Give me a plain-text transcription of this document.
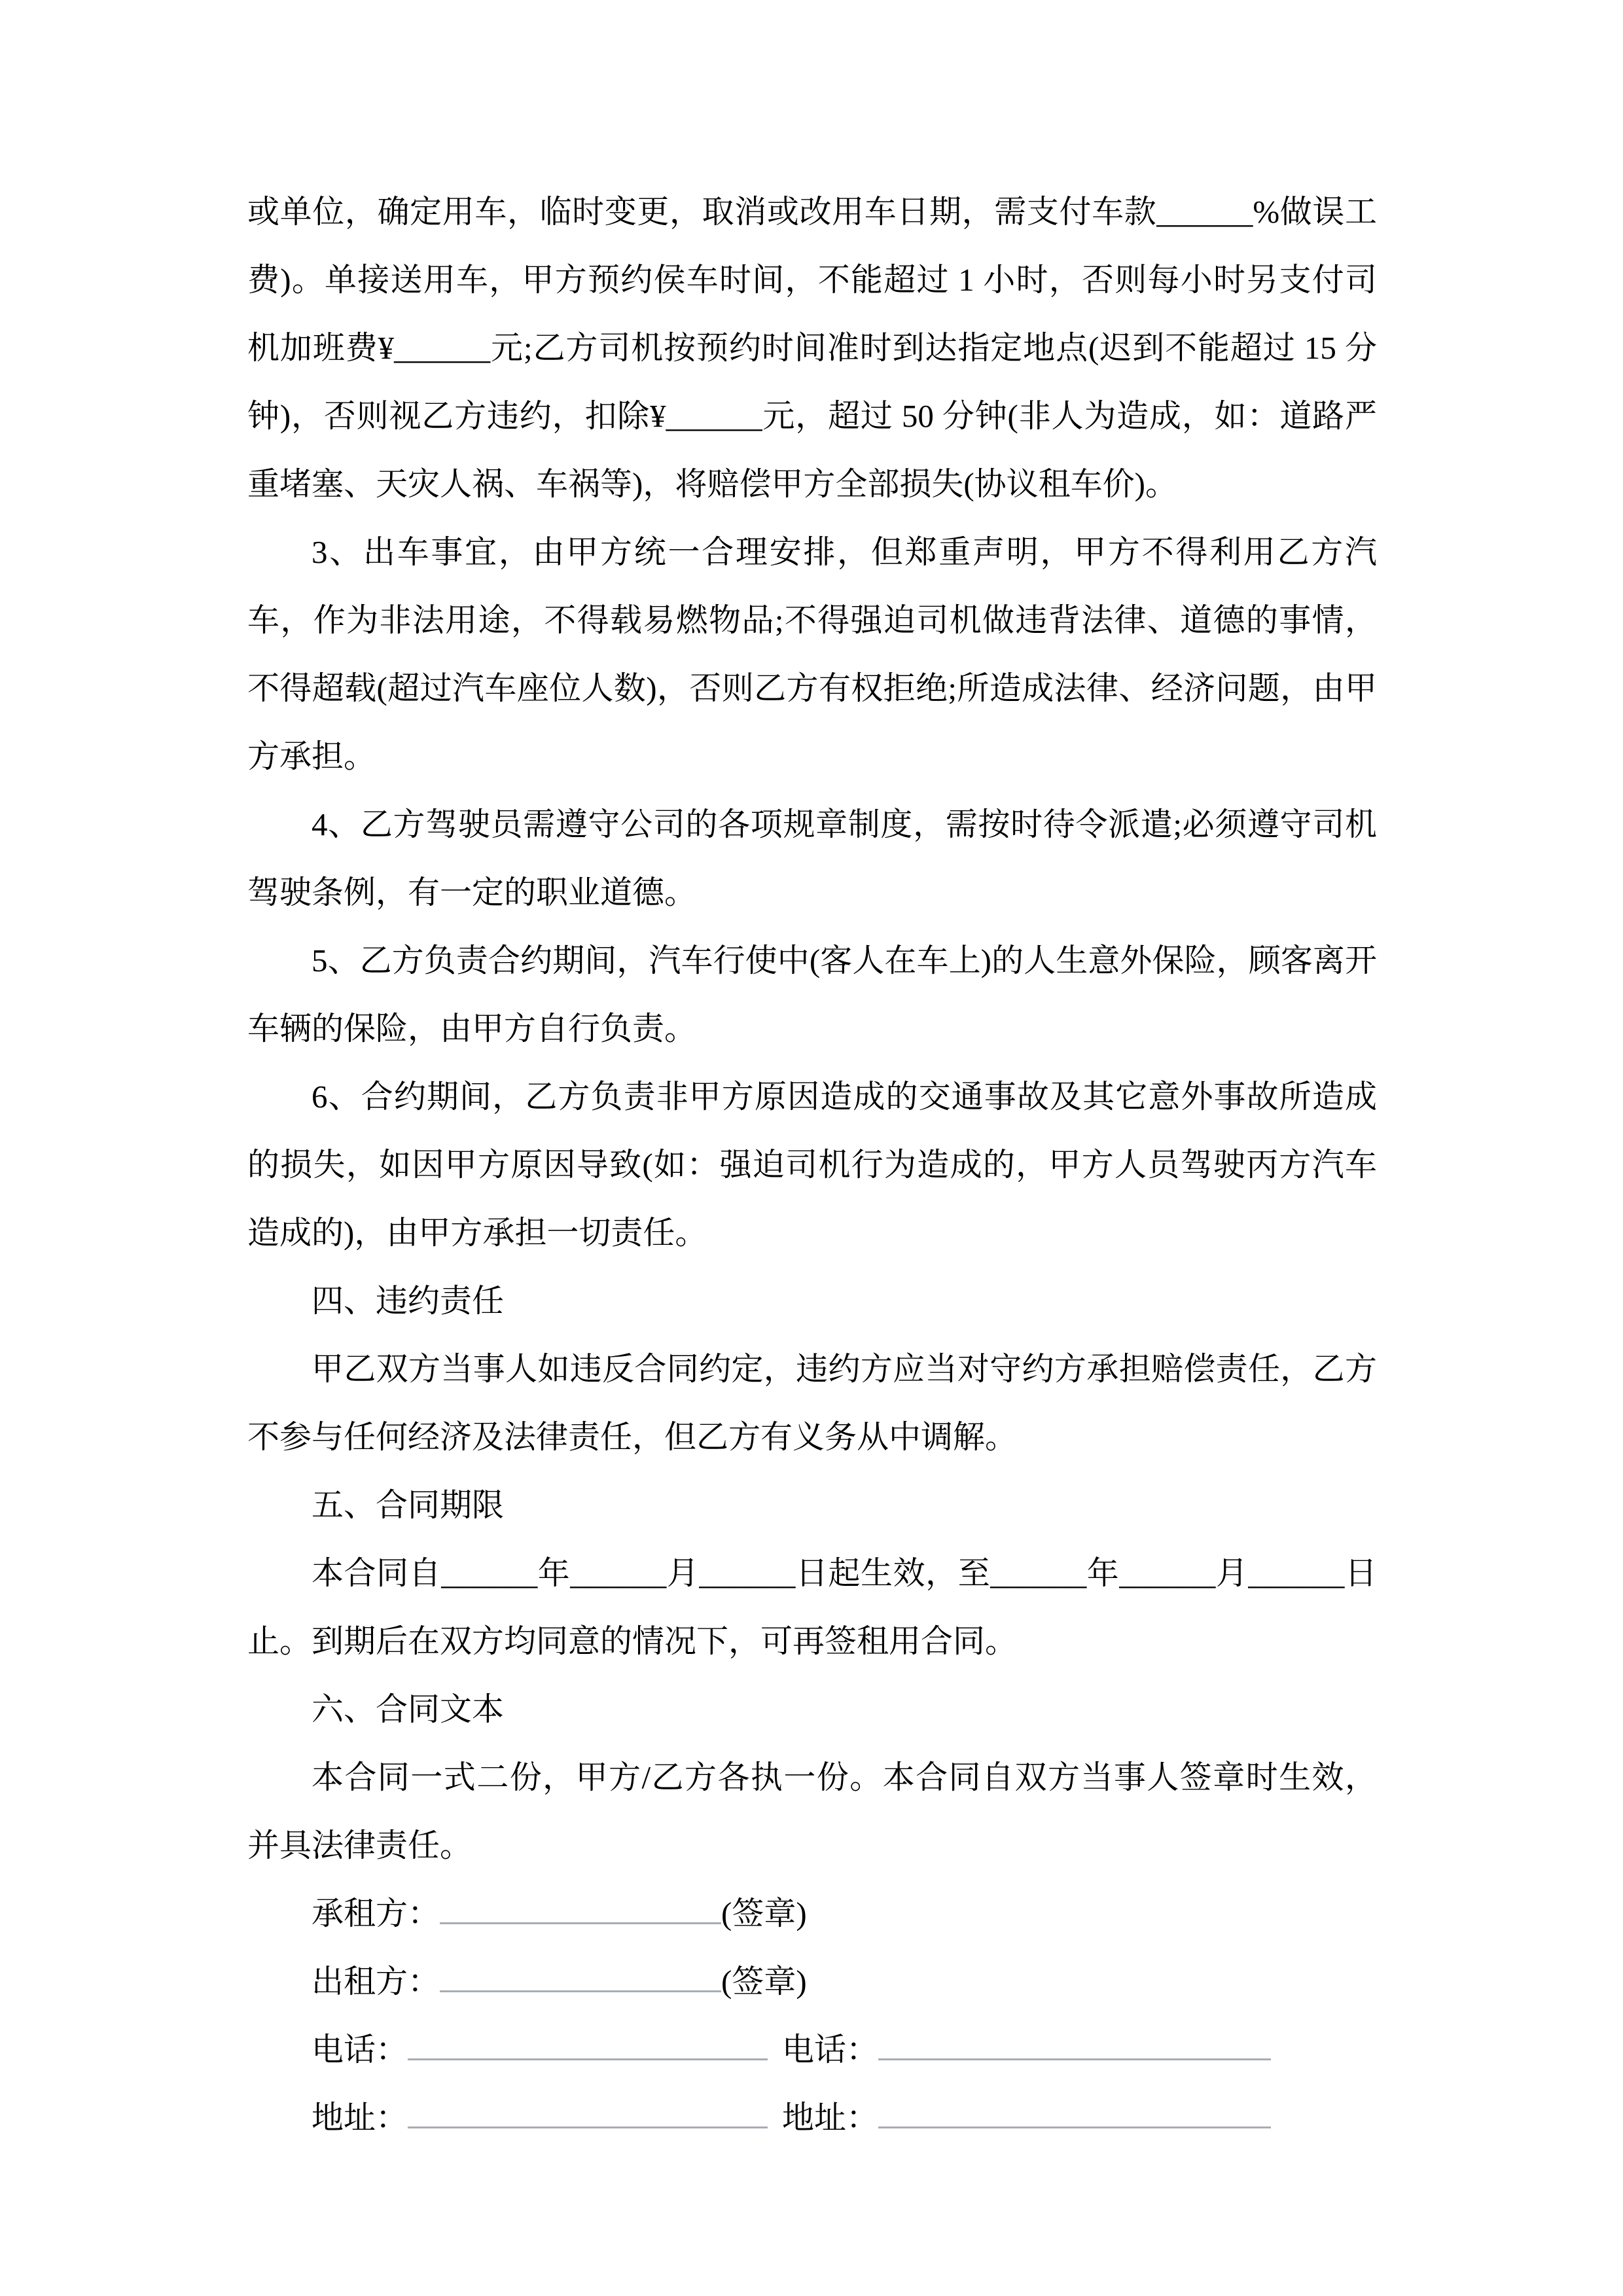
或单位，确定用车，临时变更，取消或改用车日期，需支付车款______%做误工费)。单接送用车，甲方预约侯车时间，不能超过 1 小时，否则每小时另支付司机加班费¥______元;乙方司机按预约时间准时到达指定地点(迟到不能超过 15 分钟)，否则视乙方违约，扣除¥______元，超过 50 分钟(非人为造成，如：道路严重堵塞、天灾人祸、车祸等)，将赔偿甲方全部损失(协议租车价)。

3、出车事宜，由甲方统一合理安排，但郑重声明，甲方不得利用乙方汽车，作为非法用途，不得载易燃物品;不得强迫司机做违背法律、道德的事情，不得超载(超过汽车座位人数)，否则乙方有权拒绝;所造成法律、经济问题，由甲方承担。

4、乙方驾驶员需遵守公司的各项规章制度，需按时待令派遣;必须遵守司机驾驶条例，有一定的职业道德。

5、乙方负责合约期间，汽车行使中(客人在车上)的人生意外保险，顾客离开车辆的保险，由甲方自行负责。

6、合约期间，乙方负责非甲方原因造成的交通事故及其它意外事故所造成的损失，如因甲方原因导致(如：强迫司机行为造成的，甲方人员驾驶丙方汽车造成的)，由甲方承担一切责任。

四、违约责任

甲乙双方当事人如违反合同约定，违约方应当对守约方承担赔偿责任，乙方不参与任何经济及法律责任，但乙方有义务从中调解。

五、合同期限

本合同自______年______月______日起生效，至______年______月______日止。到期后在双方均同意的情况下，可再签租用合同。

六、合同文本

本合同一式二份，甲方/乙方各执一份。本合同自双方当事人签章时生效，并具法律责任。

承租方：	(签章)

出租方：	(签章)

电话：	电话：

地址：	地址：
